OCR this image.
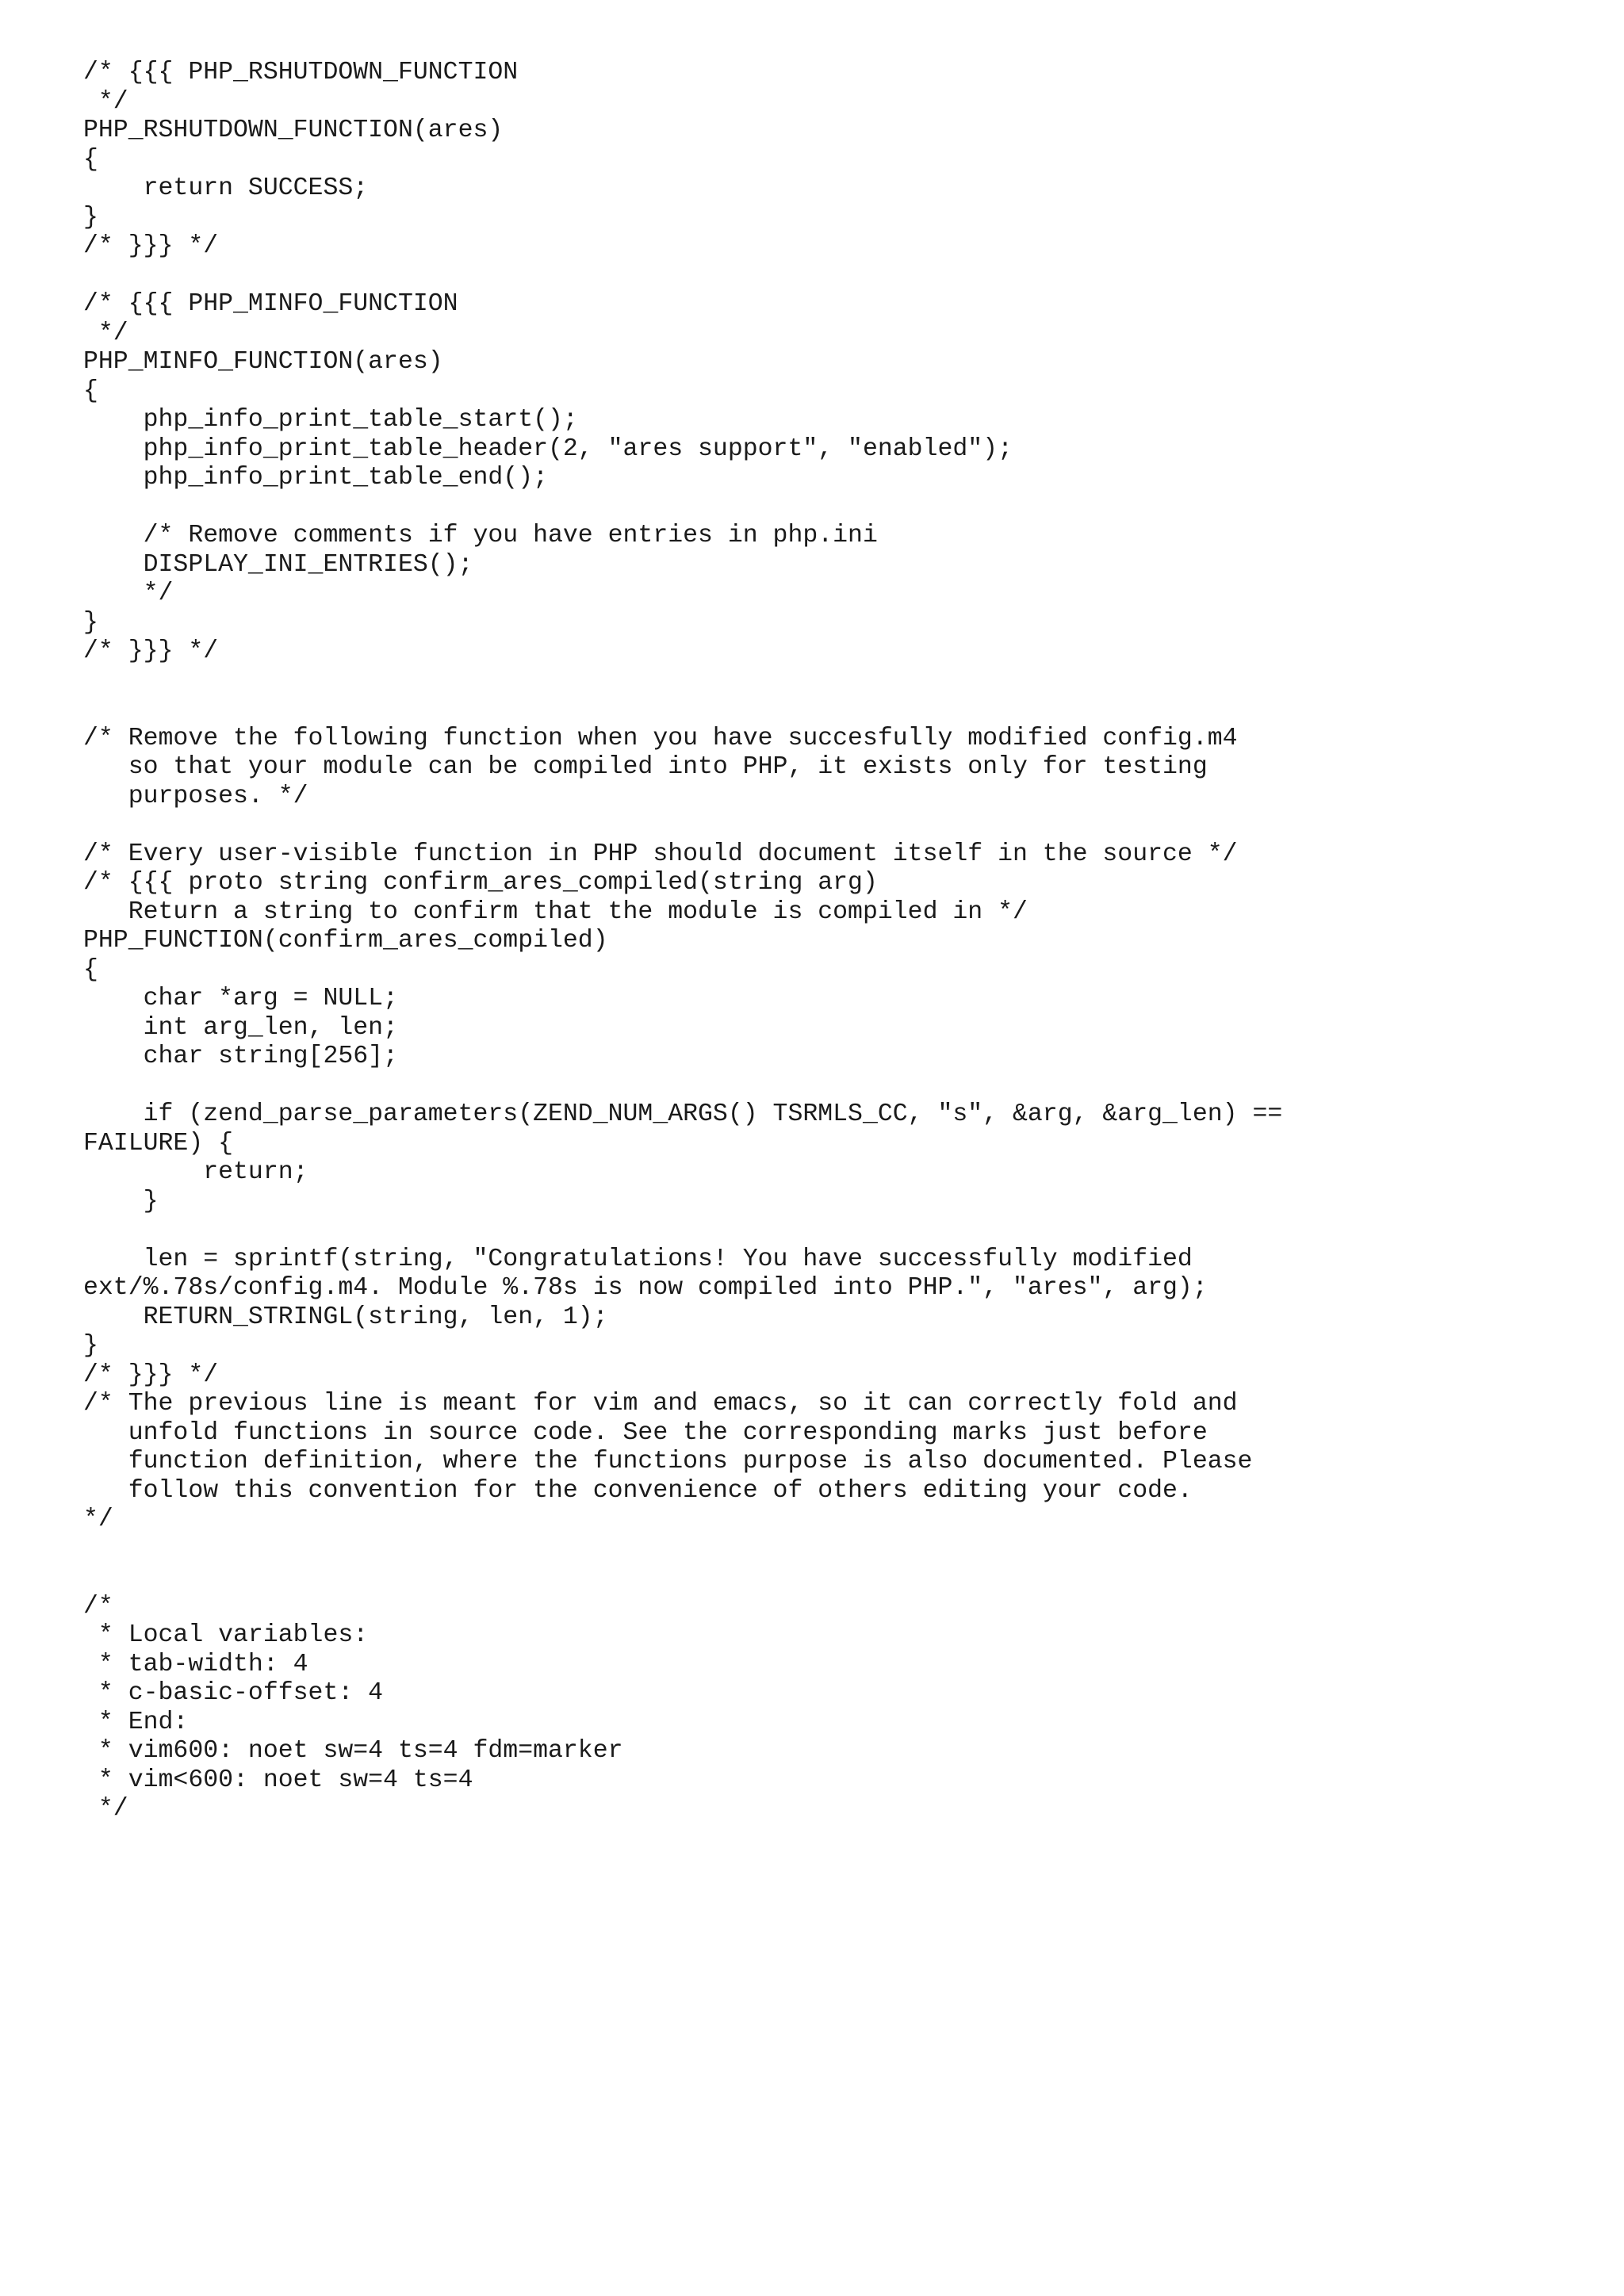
/* {{{ PHP_RSHUTDOWN_FUNCTION
*/
PHP_RSHUTDOWN_FUNCTION(ares)
{
return SUCCESS;
}
/* }}} */
/* {{{ PHP_MINFO_FUNCTION
*/
PHP_MINFO_FUNCTION(ares)
{
php_info_print_table_start();
php_info_print_table_header(2, "ares support", "enabled");
php_info_print_table_end();
/* Remove comments if you have entries in php.ini
DISPLAY_INI_ENTRIES();
*/
}
/* }}} */
/* Remove the following function when you have succesfully modified config.m4
so that your module can be compiled into PHP, it exists only for testing
purposes. */
/* Every user-visible function in PHP should document itself in the source */
/* {{{ proto string confirm_ares_compiled(string arg)
Return a string to confirm that the module is compiled in */
PHP_FUNCTION(confirm_ares_compiled)
{
char *arg = NULL;
int arg_len, len;
char string[256];
if (zend_parse_parameters(ZEND_NUM_ARGS() TSRMLS_CC, "s", &arg, &arg_len) ==
FAILURE) {
return;
}
len = sprintf(string, "Congratulations! You have successfully modified
ext/%.78s/config.m4. Module %.78s is now compiled into PHP.", "ares", arg);
RETURN_STRINGL(string, len, 1);
}
/* }}} */
/* The previous line is meant for vim and emacs, so it can correctly fold and
unfold functions in source code. See the corresponding marks just before
function definition, where the functions purpose is also documented. Please
follow this convention for the convenience of others editing your code.
*/
/*
* Local variables:
* tab-width: 4
* c-basic-offset: 4
* End:
* vim600: noet sw=4 ts=4 fdm=marker
* vim<600: noet sw=4 ts=4
*/
